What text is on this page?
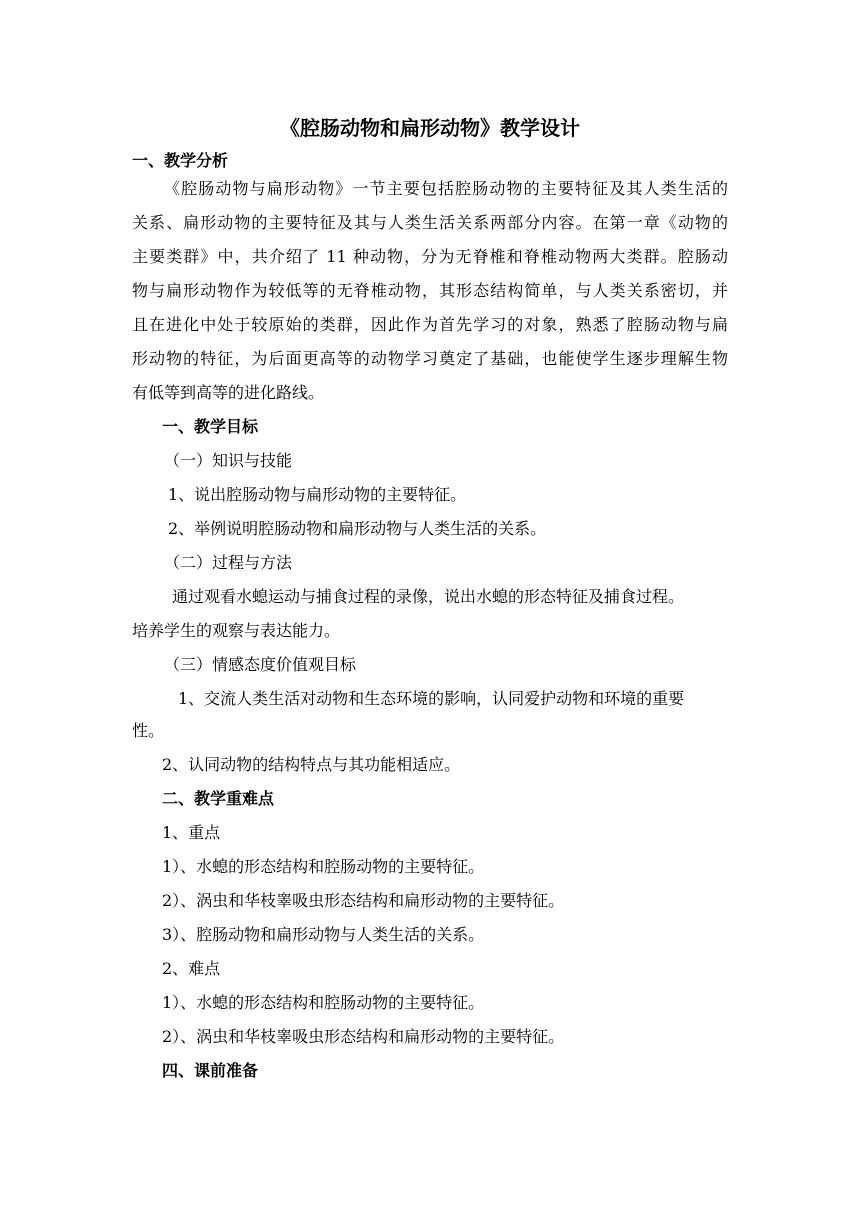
《腔肠动物和扁形动物》教学设计

一、教学分析

《腔肠动物与扁形动物》一节主要包括腔肠动物的主要特征及其人类生活的

关系、扁形动物的主要特征及其与人类生活关系两部分内容。在第一章《动物的

主要类群》中，共介绍了 11 种动物，分为无脊椎和脊椎动物两大类群。腔肠动

物与扁形动物作为较低等的无脊椎动物，其形态结构简单，与人类关系密切，并

且在进化中处于较原始的类群，因此作为首先学习的对象，熟悉了腔肠动物与扁

形动物的特征，为后面更高等的动物学习奠定了基础，也能使学生逐步理解生物

有低等到高等的进化路线。

一、教学目标

（一）知识与技能

1、说出腔肠动物与扁形动物的主要特征。

2、举例说明腔肠动物和扁形动物与人类生活的关系。

（二）过程与方法

通过观看水螅运动与捕食过程的录像，说出水螅的形态特征及捕食过程。

培养学生的观察与表达能力。

（三）情感态度价值观目标

1、交流人类生活对动物和生态环境的影响，认同爱护动物和环境的重要

性。

2、认同动物的结构特点与其功能相适应。

二、教学重难点

1、重点

1）、水螅的形态结构和腔肠动物的主要特征。

2）、涡虫和华枝睾吸虫形态结构和扁形动物的主要特征。

3）、腔肠动物和扁形动物与人类生活的关系。

2、难点

1）、水螅的形态结构和腔肠动物的主要特征。

2）、涡虫和华枝睾吸虫形态结构和扁形动物的主要特征。

四、课前准备
